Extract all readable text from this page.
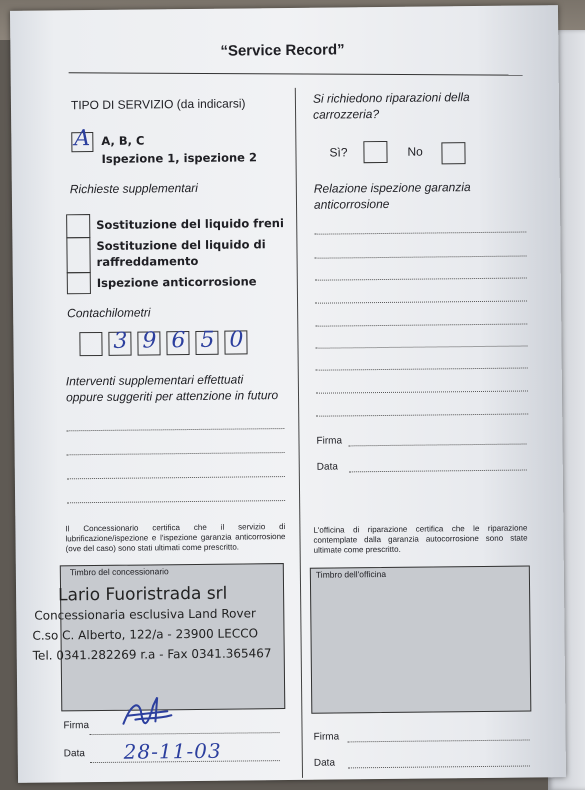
“Service Record”
TIPO DI SERVIZIO (da indicarsi)
A A, B, C
Ispezione 1, ispezione 2
Richieste supplementari
Sostituzione del liquido freni
Sostituzione del liquido di raffreddamento
Ispezione anticorrosione
Contachilometri
3 9 6 5 0
Interventi supplementari effettuati
oppure suggeriti per attenzione in futuro
Il Concessionario certifica che il servizio di lubrificazione/ispezione e l'ispezione garanzia anticorrosione (ove del caso) sono stati ultimati come prescritto.
Timbro del concessionario
Lario Fuoristrada srl
Concessionaria esclusiva Land Rover
C.so C. Alberto, 122/a - 23900 LECCO
Tel. 0341.282269 r.a - Fax 0341.365467
Firma
Data 28-11-03
Si richiedono riparazioni della
carrozzeria?
Sì?	No
Relazione ispezione garanzia
anticorrosione
Firma
Data
L'officina di riparazione certifica che le riparazione contemplate dalla garanzia autocorrosione sono state ultimate come prescritto.
Timbro dell'officina
Firma
Data
